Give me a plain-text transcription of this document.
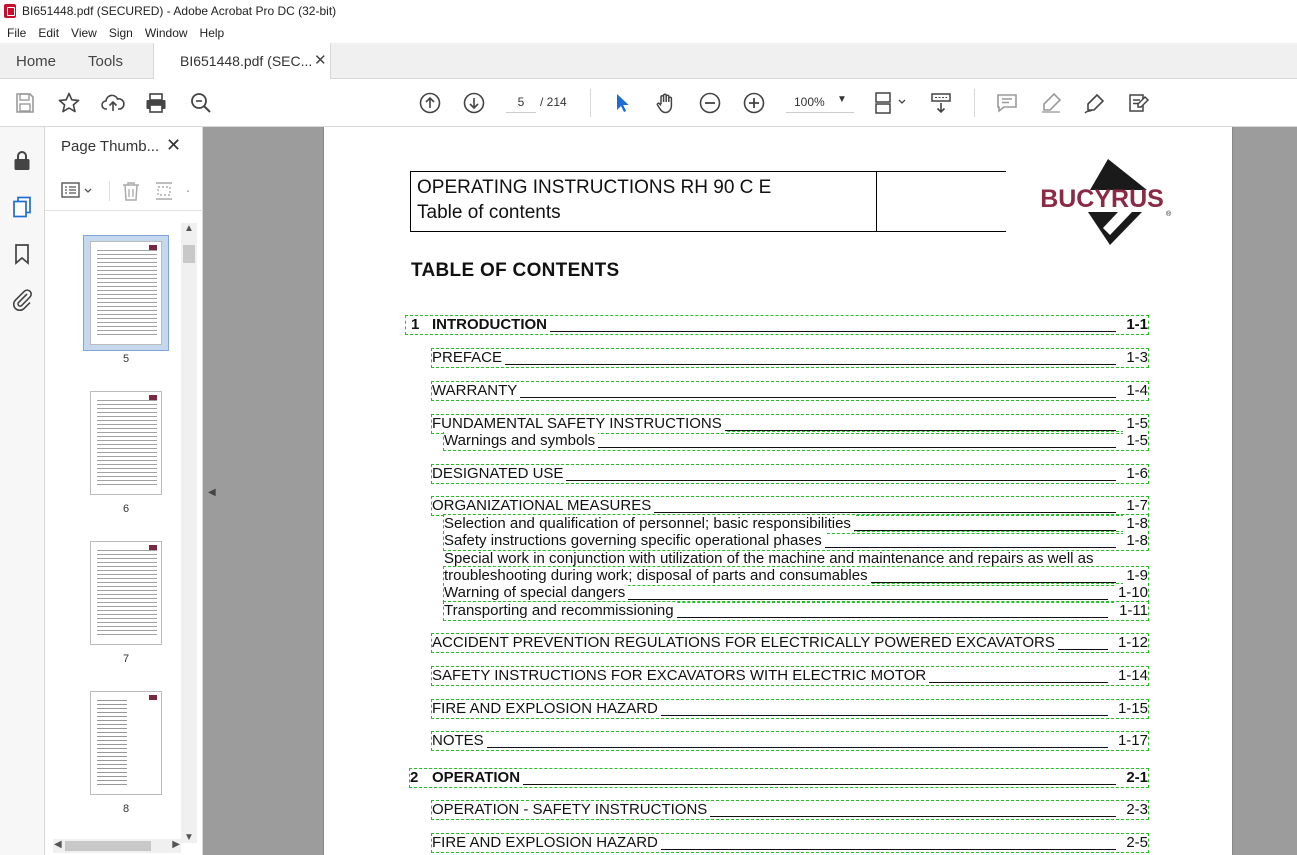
BI651448.pdf (SECURED) - Adobe Acrobat Pro DC (32-bit)
File Edit View Sign Window Help
Home Tools	BI651448.pdf (SEC... ✕
5
/ 214	100% ▼
Page Thumb... ✕
.
5
6
7
8
▲
▼
◀	▶
◀
OPERATING INSTRUCTIONS RH 90 C E
Table of contents	BUCYRUS
®
TABLE OF CONTENTS
1 INTRODUCTION	1-1
PREFACE	1-3
WARRANTY	1-4
FUNDAMENTAL SAFETY INSTRUCTIONS	1-5
Warnings and symbols	1-5
DESIGNATED USE	1-6
ORGANIZATIONAL MEASURES	1-7
Selection and qualification of personnel; basic responsibilities	1-8
Safety instructions governing specific operational phases	1-8
Special work in conjunction with utilization of the machine and maintenance and repairs as well as
troubleshooting during work; disposal of parts and consumables	1-9
Warning of special dangers	1-10
Transporting and recommissioning	1-11
ACCIDENT PREVENTION REGULATIONS FOR ELECTRICALLY POWERED EXCAVATORS	1-12
SAFETY INSTRUCTIONS FOR EXCAVATORS WITH ELECTRIC MOTOR	1-14
FIRE AND EXPLOSION HAZARD	1-15
NOTES	1-17
2 OPERATION	2-1
OPERATION - SAFETY INSTRUCTIONS	2-3
FIRE AND EXPLOSION HAZARD	2-5
